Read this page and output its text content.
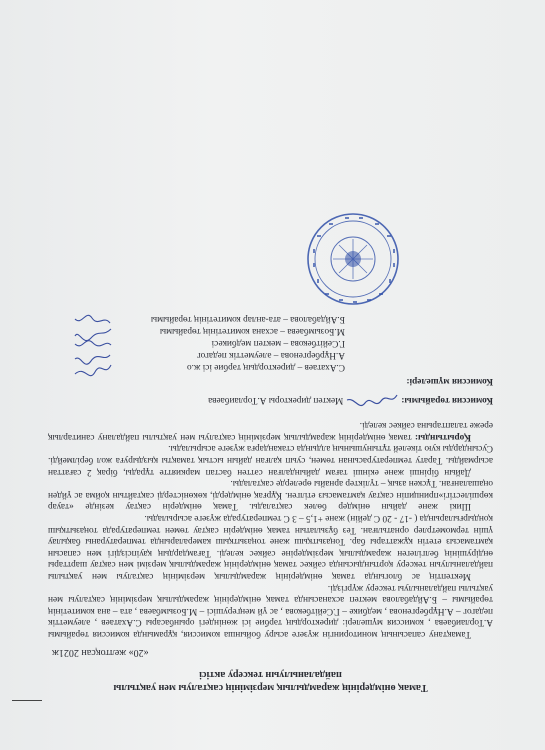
Тамақ өнімдерінің жарамдылық мерзімінің сақталуы мен уақтылы
пайдаланылуын тексеру актісі
«20» желтоқсан 2021ж

Тамақтану сапасының мониторингін жүзеге асыру бойынша комиссия, құрамында комиссия төрайымы А.Торлаибаева , комиссия мүшелері: директордың тәрбие ісі жөніндегі орынбасары С.Ахатаев , әлеуметтік педагог – А.Нұрбергенова , медбике – Г.Сейітбекова , ас үй меңгерушісі – М.Бозымбаева , ата – ана комитетінің төрайымы – Б.Айдабалова мектеп асханасында тамақ өнімдерінің жарамдылық мерзімінің сақталуы мен уақтылы пайдаланылуы тексеру жүргізді.

Мектептің ас блогында тамақ өнімдерінің жарамдылық мерзімінің сақталуы мен уақтылы пайдаланылуын тексеру қортындысында сәйкес тамақ өнімдерінің жарамдылық мерзімі мен сақтау шарттары өндірушінің белгілеген жарамдылық мерзімдеріне сәйкес келеді. Тағамдардың қауіпсіздігі мен сапасын қамтамасыз ететін құжаттары бар. Тоңазытқыш және тоңазытқыш камераларында температураны бақылау үшін термометрлер орнатылған. Тез бұзылатын тамақ өнімдерін сақтау төмен температурада тоңазытқыш қондырғыларында ( -17 - 20 С дейін) және +1,5 – 3 С температурада жүзеге асырылады.

Шикі және дайын өнімдер бөлек сақталады. Тамақ өнімдерін сақтау кезінде «тауар көршілестігі»принципін сақтау қамтамасыз етілген. Құрғақ өнімдерді, көкөністерді сақтайтын қойма ас үйден оңашаланған. Тұскен азық – түліктер арнайы өрелерде сақталады.

Дайын бірінші және екінші тағам дайындалған сәттен бастап маркиятте тұрады, бірақ 2 сағаттан асырмайды. Тарату температурасынан төмен, суып қалған дайын ыстық тамақты қыздыруға жол берілмейді. Сусындарды кую тікелей тұтынушының алдында стакандарға жүзеге асырылады.

Қорытынды: тамақ өнімдерінің жарамдылық мерзімінің сақталуы мен уақтылы пайдалану санитарлық ереже талаптарына сәйкес келеді.

Комиссия төрайымы:
Мектеп директоры А.Торлаибаева
Комиссия мүшелері:
С.Ахатаев – директордың тәрбие ісі ж.о
А.Нұрбергенова – әлеуметтік педагог
Г.Сейітбекова – мектеп медбикесі
М.Бозымбаева – асхана комитетінің төрайымы
Б.Айдабалова – ата-анлар комитетінің төрайымы
